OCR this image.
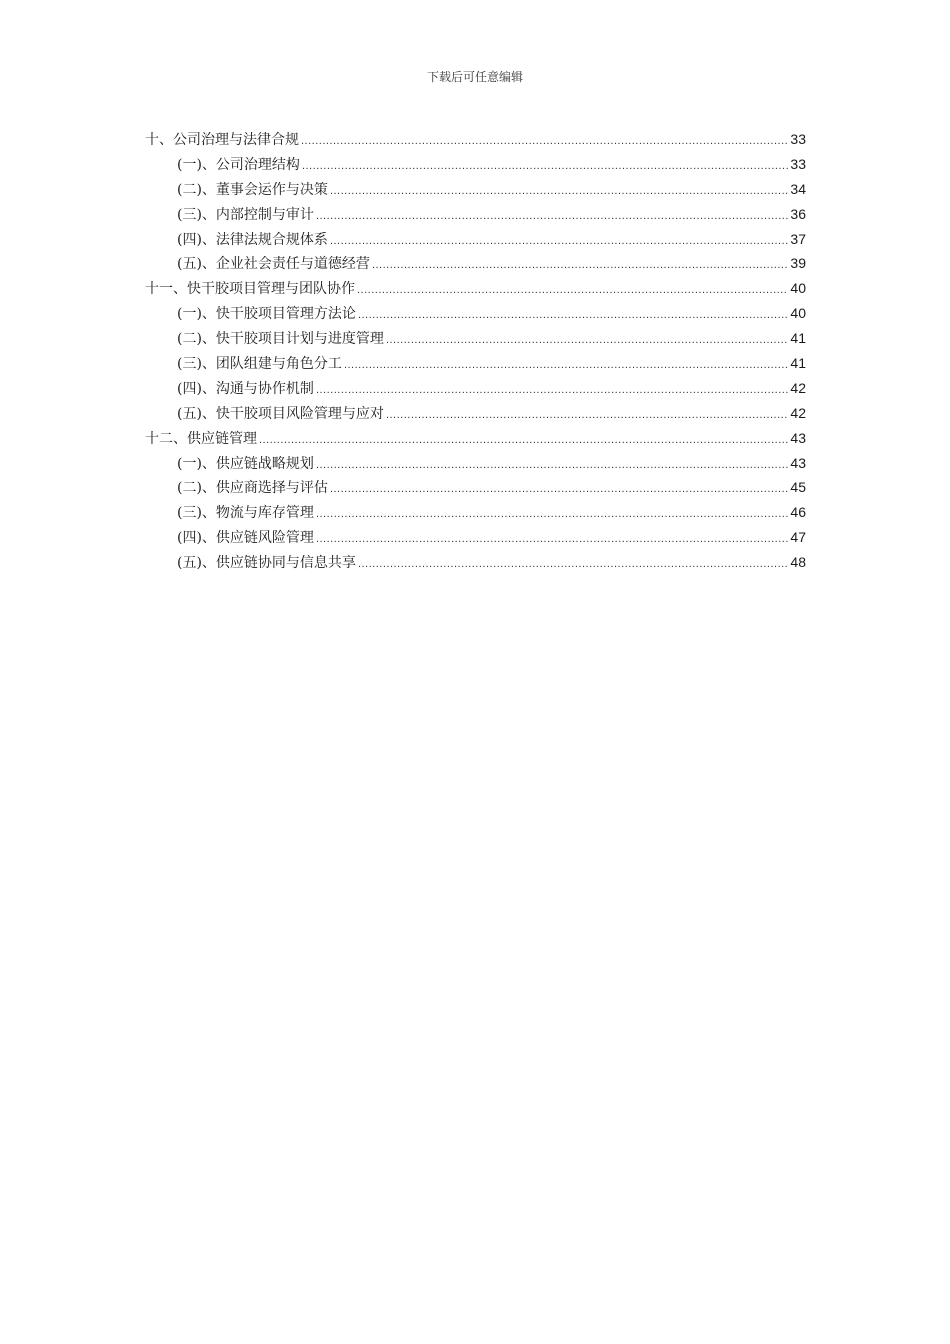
下载后可任意编辑
十、公司治理与法律合规 .....	33
(一)、公司治理结构 .....	33
(二)、董事会运作与决策 .....	34
(三)、内部控制与审计 .....	36
(四)、法律法规合规体系 .....	37
(五)、企业社会责任与道德经营 .....	39
十一、快干胶项目管理与团队协作 .....	40
(一)、快干胶项目管理方法论 .....	40
(二)、快干胶项目计划与进度管理 .....	41
(三)、团队组建与角色分工 .....	41
(四)、沟通与协作机制 .....	42
(五)、快干胶项目风险管理与应对 .....	42
十二、供应链管理 .....	43
(一)、供应链战略规划 .....	43
(二)、供应商选择与评估 .....	45
(三)、物流与库存管理 .....	46
(四)、供应链风险管理 .....	47
(五)、供应链协同与信息共享 .....	48
